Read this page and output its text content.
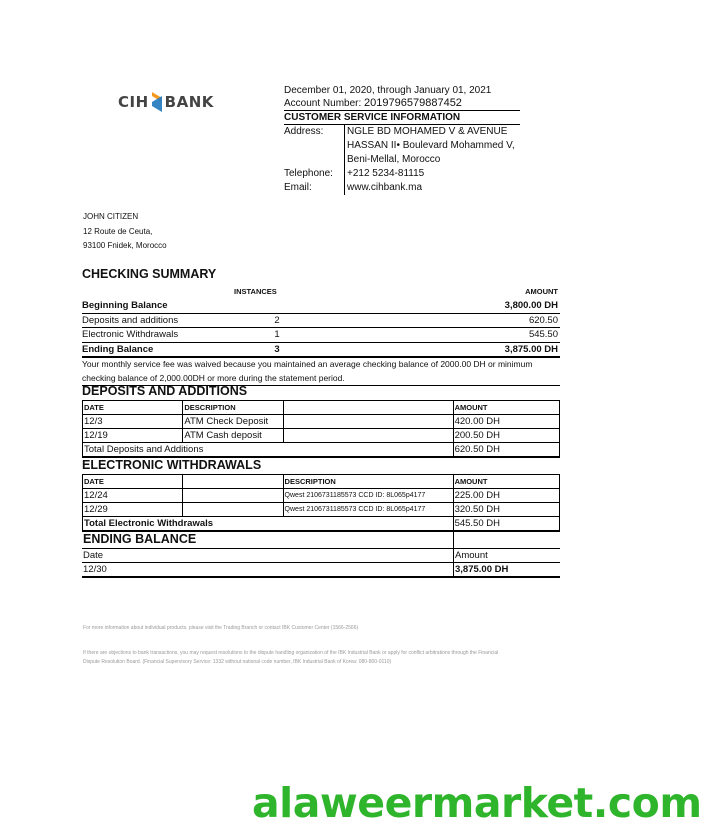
CIH BANK
December 01, 2020, through January 01, 2021
Account Number: 2019796579887452
CUSTOMER SERVICE INFORMATION
Address:	NGLE BD MOHAMED V & AVENUE
HASSAN II• Boulevard Mohammed V,
Beni-Mellal, Morocco

Telephone:	+212 5234-81115
Email:	www.cihbank.ma
JOHN CITIZEN
12 Route de Ceuta,
93100 Fnidek, Morocco
CHECKING SUMMARY
INSTANCES	AMOUNT
Beginning Balance	3,800.00 DH
Deposits and additions	2	620.50
Electronic Withdrawals	1	545.50
Ending Balance	3	3,875.00 DH
Your monthly service fee was waived because you maintained an average checking balance of 2000.00 DH or minimum checking balance of 2,000.00DH or more during the statement period.
DEPOSITS AND ADDITIONS
DATE	DESCRIPTION		AMOUNT
12/3	ATM Check Deposit		420.00 DH
12/19	ATM Cash deposit		200.50 DH
Total Deposits and Additions			620.50 DH
ELECTRONIC WITHDRAWALS
DATE		DESCRIPTION	AMOUNT
12/24		Qwest 2106731185573 CCD ID: 8L065p4177	225.00 DH
12/29		Qwest 2106731185573 CCD ID: 8L065p4177	320.50 DH
Total Electronic Withdrawals			545.50 DH
ENDING BALANCE	
Date	Amount
12/30	3,875.00 DH
For more information about individual products, please visit the Trading Branch or contact IBK Customer Center (1566-2566)
If there are objections to bank transactions, you may request resolutions to the dispute handling organization of the IBK Industrial Bank or apply for conflict arbitrations through the Financial Dispute Resolution Board. (Financial Supervisory Service: 1332 without national code number, IBK Industrial Bank of Korea: 080-800-0110)
alaweermarket.com
